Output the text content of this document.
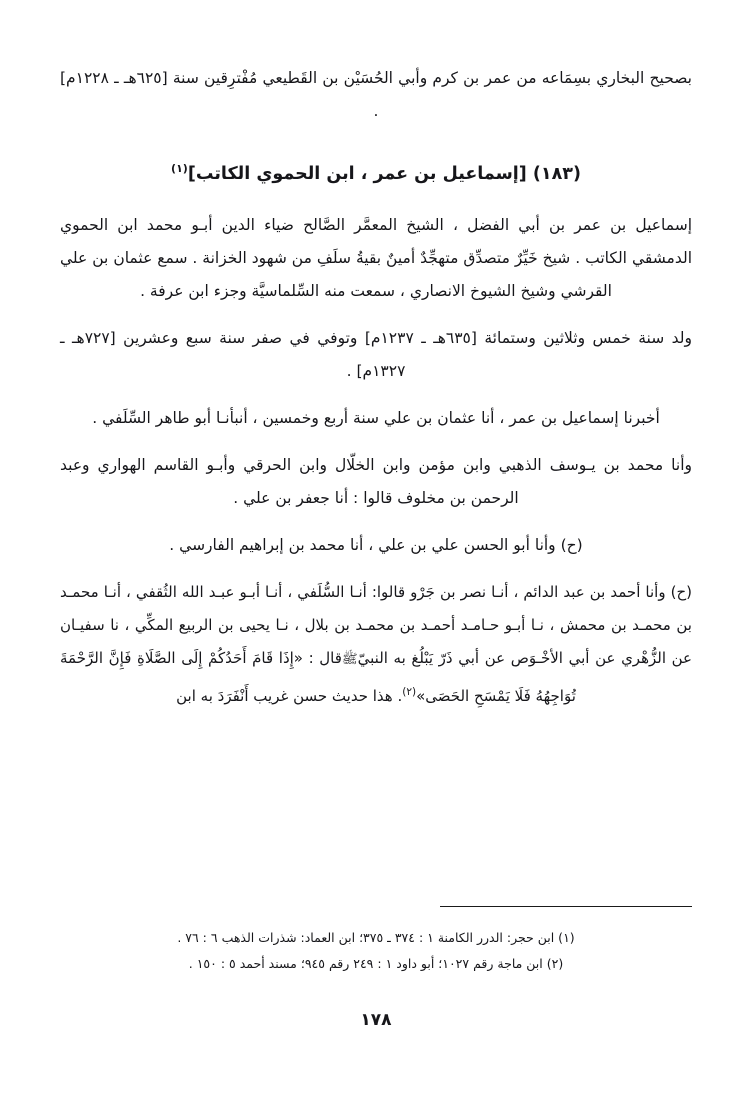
بصحيح البخاري بسِمَاعه من عمر بن كرم وأبي الحُسَيْن بن القَطيعي مُفْترِقين سنة [٦٢٥هـ ـ ١٢٢٨م] .

(١٨٣) [إسماعيل بن عمر ، ابن الحموي الكاتب]$^{(١)}$

إسماعيل بن عمر بن أبي الفضل ، الشيخ المعمَّر الصَّالح ضياء الدين أبـو محمد ابن الحموي الدمشقي الكاتب . شيخ خَيِّرٌ متصدِّق متهجِّدٌ أمينٌ بقيةُ سلَفِ من شهود الخزانة . سمع عثمان بن علي القرشي وشيخ الشيوخ الانصاري ، سمعت منه السِّلماسيَّة وجزء ابن عرفة .

ولد سنة خمس وثلاثين وستمائة [٦٣٥هـ ـ ١٢٣٧م] وتوفي في صفر سنة سبع وعشرين [٧٢٧هـ ـ ١٣٢٧م] .

أخبرنا إسماعيل بن عمر ، أنا عثمان بن علي سنة أربع وخمسين ، أنبأنـا أبو طاهر السِّلَفي .

وأنا محمد بن يـوسف الذهبي وابن مؤمن وابن الخلّال وابن الحرقي وأبـو القاسم الهواري وعبد الرحمن بن مخلوف قالوا : أنا جعفر بن علي .

(ح) وأنا أبو الحسن علي بن علي ، أنا محمد بن إبراهيم الفارسي .

(ح) وأنا أحمد بن عبد الدائم ، أنـا نصر بن جَرْو قالوا: أنـا السُّلَفي ، أنـا أبـو عبـد الله الثُقفي ، أنـا محمـد بن محمـد بن محمش ، نـا أبـو حـامـد أحمـد بن محمـد بن بلال ، نـا يحيى بن الربيع المكِّي ، نا سفيـان عن الزُّهْري عن أبي الأخْـوَص عن أبي ذَرّ يَبْلُغ به النبيّﷺقال : «إِذَا قَامَ أَحَدُكُمْ إِلَى الصَّلَاةِ فَإِنَّ الرَّحْمَةَ تُوَاجِهُهُ فَلَا يَمْسَحِ الحَصَى»$^{(٢)}$. هذا حديث حسن غريب أَنْفَرَدَ به ابن

(١) ابن حجر: الدرر الكامنة ١ : ٣٧٤ ـ ٣٧٥؛ ابن العماد: شذرات الذهب ٦ : ٧٦ .
(٢) ابن ماجة رقم ١٠٢٧؛ أبو داود ١ : ٢٤٩ رقم ٩٤٥؛ مسند أحمد ٥ : ١٥٠ .
١٧٨
